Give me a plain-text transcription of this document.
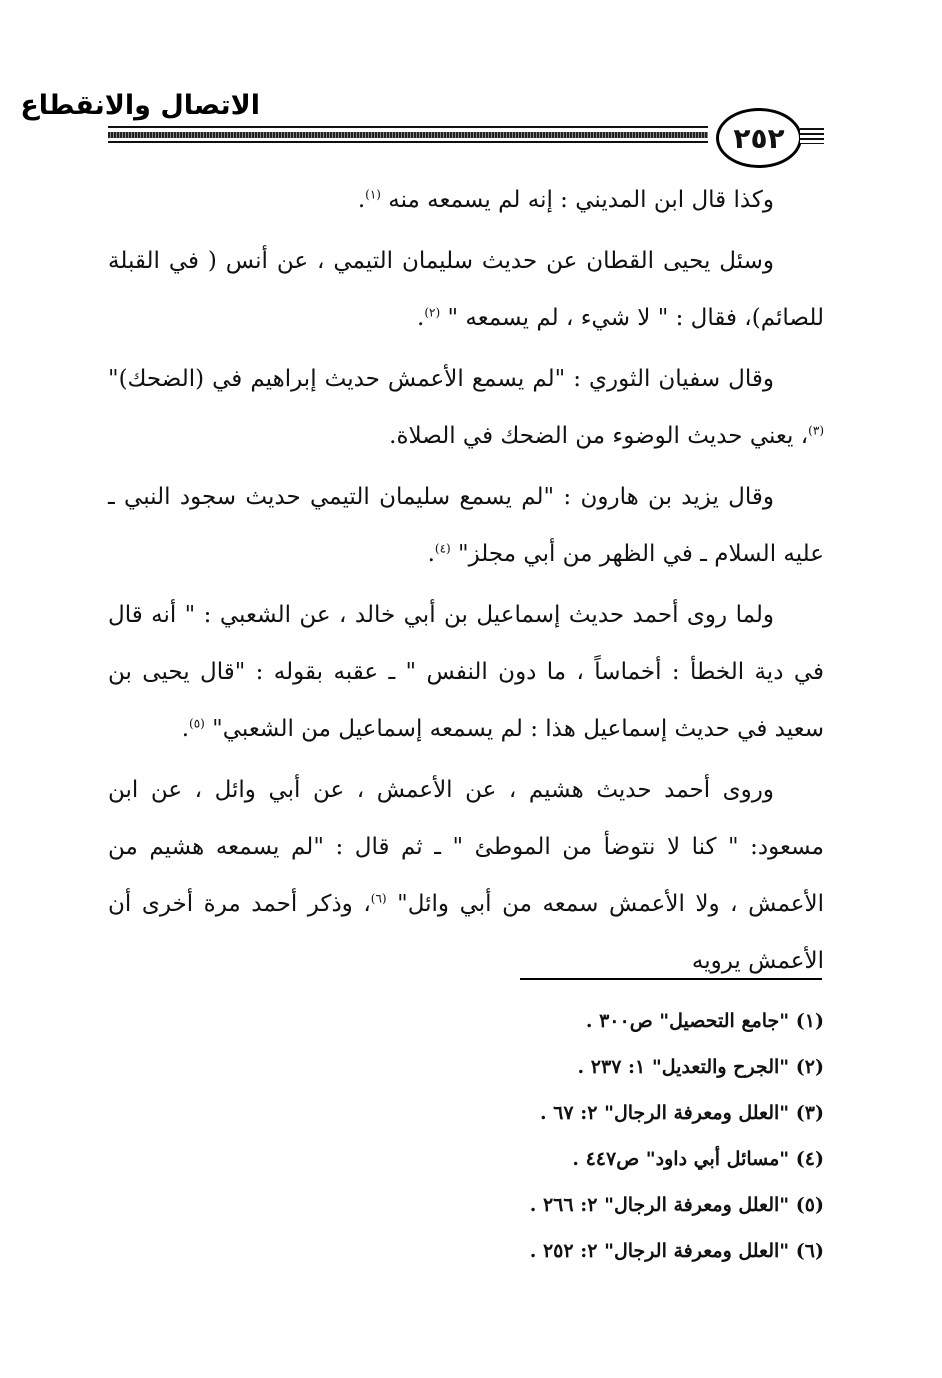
الاتصال والانقطاع
٢٥٢

وكذا قال ابن المديني : إنه لم يسمعه منه $^{(١)}$.

وسئل يحيى القطان عن حديث سليمان التيمي ، عن أنس ( في القبلة للصائم)، فقال : " لا شيء ، لم يسمعه " $^{(٢)}$.

وقال سفيان الثوري : "لم يسمع الأعمش حديث إبراهيم في (الضحك)"$^{(٣)}$، يعني حديث الوضوء من الضحك في الصلاة.

وقال يزيد بن هارون : "لم يسمع سليمان التيمي حديث سجود النبي ـ عليه السلام ـ في الظهر من أبي مجلز" $^{(٤)}$.

ولما روى أحمد حديث إسماعيل بن أبي خالد ، عن الشعبي : " أنه قال في دية الخطأ : أخماساً ، ما دون النفس " ـ عقبه بقوله : "قال يحيى بن سعيد في حديث إسماعيل هذا : لم يسمعه إسماعيل من الشعبي" $^{(٥)}$.

وروى أحمد حديث هشيم ، عن الأعمش ، عن أبي وائل ، عن ابن مسعود: " كنا لا نتوضأ من الموطئ " ـ ثم قال : "لم يسمعه هشيم من الأعمش ، ولا الأعمش سمعه من أبي وائل" $^{(٦)}$، وذكر أحمد مرة أخرى أن الأعمش يرويه

(١) "جامع التحصيل" ص٣٠٠ .

(٢) "الجرح والتعديل" ١: ٢٣٧ .

(٣) "العلل ومعرفة الرجال" ٢: ٦٧ .

(٤) "مسائل أبي داود" ص٤٤٧ .

(٥) "العلل ومعرفة الرجال" ٢: ٢٦٦ .

(٦) "العلل ومعرفة الرجال" ٢: ٢٥٢ .
